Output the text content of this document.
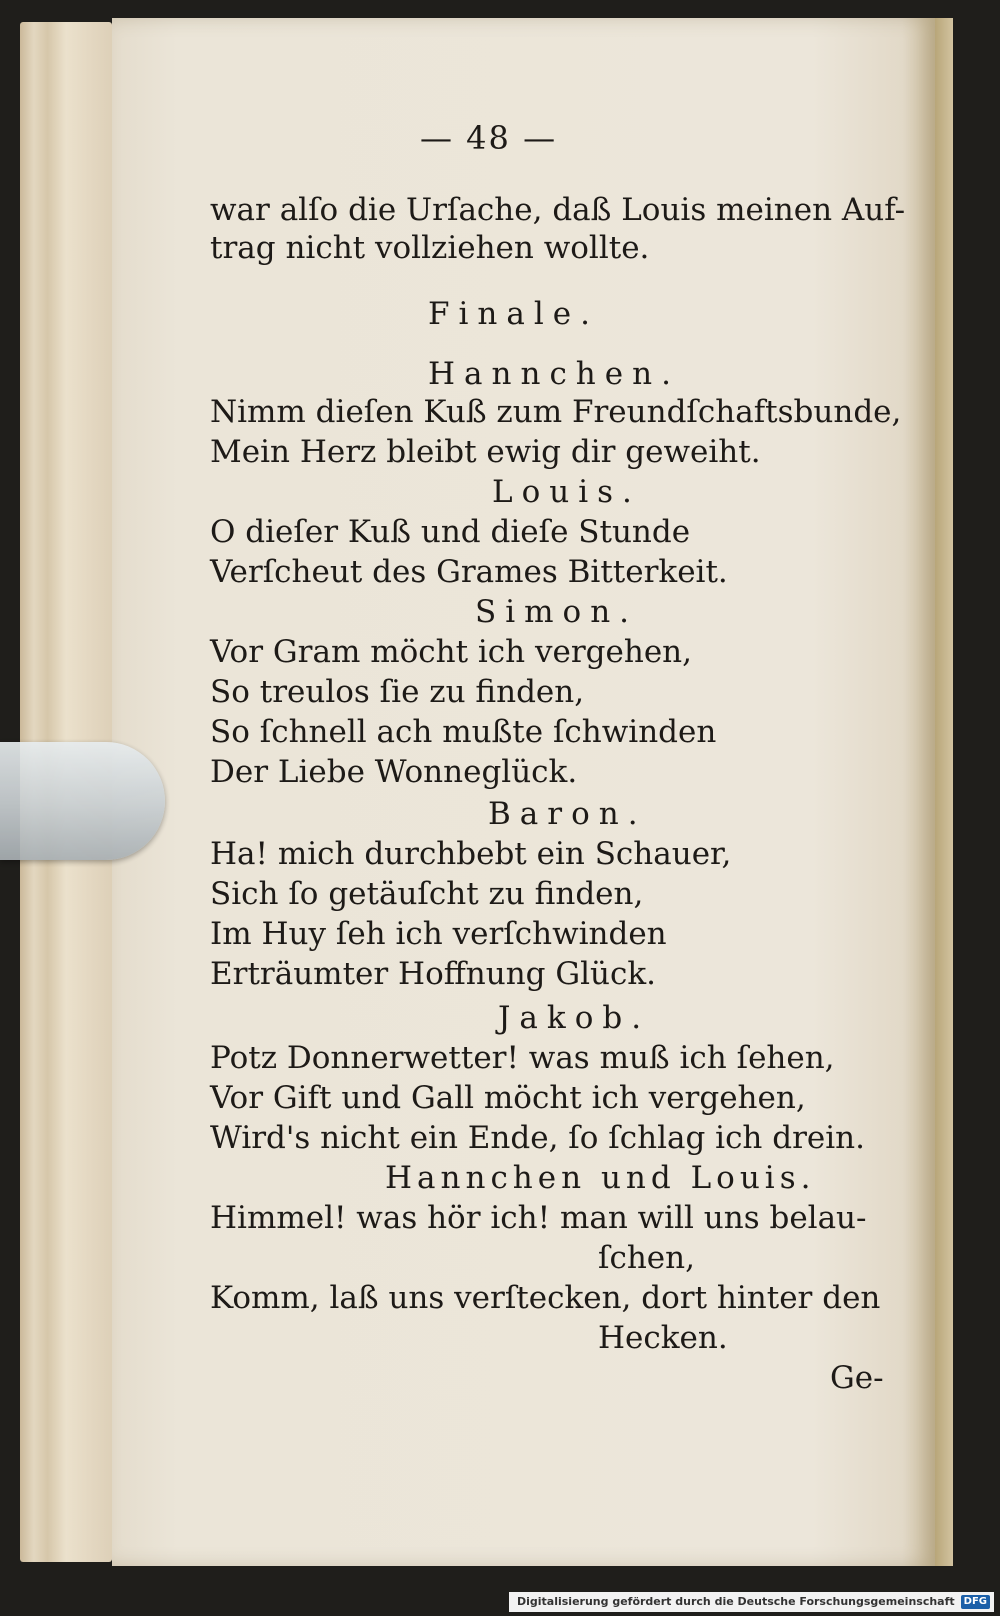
— 48 —
war alſo die Urſache, daß Louis meinen Auf-
trag nicht vollziehen wollte.
Finale.
Hannchen.
Nimm dieſen Kuß zum Freundſchaftsbunde,
Mein Herz bleibt ewig dir geweiht.
Louis.
O dieſer Kuß und dieſe Stunde
Verſcheut des Grames Bitterkeit.
Simon.
Vor Gram möcht ich vergehen,
So treulos ſie zu finden,
So ſchnell ach mußte ſchwinden
Der Liebe Wonneglück.
Baron.
Ha! mich durchbebt ein Schauer,
Sich ſo getäuſcht zu finden,
Im Huy ſeh ich verſchwinden
Erträumter Hoffnung Glück.
Jakob.
Potz Donnerwetter! was muß ich ſehen,
Vor Gift und Gall möcht ich vergehen,
Wird's nicht ein Ende, ſo ſchlag ich drein.
Hannchen und Louis.
Himmel! was hör ich! man will uns belau-
ſchen,
Komm, laß uns verſtecken, dort hinter den
Hecken.
Ge-
Digitalisierung gefördert durch die Deutsche Forschungsgemeinschaft DFG
